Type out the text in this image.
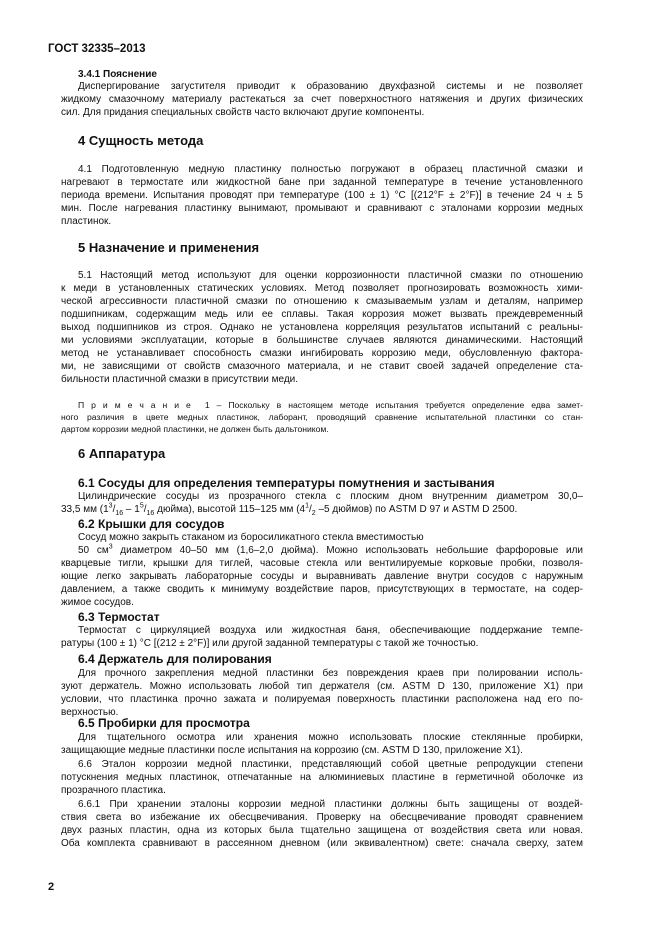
ГОСТ 32335–2013
3.4.1 Пояснение
Диспергирование загустителя приводит к образованию двухфазной системы и не позволяет
жидкому смазочному материалу растекаться за счет поверхностного натяжения и других физических
сил. Для придания специальных свойств часто включают другие компоненты.
4 Сущность метода
4.1 Подготовленную медную пластинку полностью погружают в образец пластичной смазки и
нагревают в термостате или жидкостной бане при заданной температуре в течение установленного
периода времени. Испытания проводят при температуре (100 ± 1) °C [(212°F ± 2°F)] в течение 24 ч ± 5
мин. После нагревания пластинку вынимают, промывают и сравнивают с эталонами коррозии медных
пластинок.
5 Назначение и применения
5.1 Настоящий метод используют для оценки коррозионности пластичной смазки по отношению
к меди в установленных статических условиях. Метод позволяет прогнозировать возможность хими-
ческой агрессивности пластичной смазки по отношению к смазываемым узлам и деталям, например
подшипникам, содержащим медь или ее сплавы. Такая коррозия может вызвать преждевременный
выход подшипников из строя. Однако не установлена корреляция результатов испытаний с реальны-
ми условиями эксплуатации, которые в большинстве случаев являются динамическими. Настоящий
метод не устанавливает способность смазки ингибировать коррозию меди, обусловленную фактора-
ми, не зависящими от свойств смазочного материала, и не ставит своей задачей определение ста-
бильности пластичной смазки в присутствии меди.
П р и м е ч а н и е 1 – Поскольку в настоящем методе испытания требуется определение едва замет-
ного различия в цвете медных пластинок, лаборант, проводящий сравнение испытательной пластинки со стан-
дартом коррозии медной пластинки, не должен быть дальтоником.
6 Аппаратура
6.1 Сосуды для определения температуры помутнения и застывания
Цилиндрические сосуды из прозрачного стекла с плоским дном внутренним диаметром 30,0–
33,5 мм ($1^3/_{16} - 1^5/_{16}$ дюйма), высотой 115–125 мм ($4^1/_2$ –5 дюймов) по ASTM D 97 и ASTM D 2500.
6.2 Крышки для сосудов
Сосуд можно закрыть стаканом из боросиликатного стекла вместимостью
50 $см^3$ диаметром 40–50 мм (1,6–2,0 дюйма). Можно использовать небольшие фарфоровые или
кварцевые тигли, крышки для тиглей, часовые стекла или вентилируемые корковые пробки, позволя-
ющие легко закрывать лабораторные сосуды и выравнивать давление внутри сосудов с наружным
давлением, а также сводить к минимуму воздействие паров, присутствующих в термостате, на содер-
жимое сосудов.
6.3 Термостат
Термостат с циркуляцией воздуха или жидкостная баня, обеспечивающие поддержание темпе-
ратуры (100 ± 1) °C [(212 ± 2°F)] или другой заданной температуры с такой же точностью.
6.4 Держатель для полирования
Для прочного закрепления медной пластинки без повреждения краев при полировании исполь-
зуют держатель. Можно использовать любой тип держателя (см. ASTM D 130, приложение X1) при
условии, что пластинка прочно зажата и полируемая поверхность пластинки расположена над его по-
верхностью.
6.5 Пробирки для просмотра
Для тщательного осмотра или хранения можно использовать плоские стеклянные пробирки,
защищающие медные пластинки после испытания на коррозию (см. ASTM D 130, приложение X1).
6.6 Эталон коррозии медной пластинки, представляющий собой цветные репродукции степени
потускнения медных пластинок, отпечатанные на алюминиевых пластине в герметичной оболочке из
прозрачного пластика.
6.6.1 При хранении эталоны коррозии медной пластинки должны быть защищены от воздей-
ствия света во избежание их обесцвечивания. Проверку на обесцвечивание проводят сравнением
двух разных пластин, одна из которых была тщательно защищена от воздействия света или новая.
Оба комплекта сравнивают в рассеянном дневном (или эквивалентном) свете: сначала сверху, затем
2
